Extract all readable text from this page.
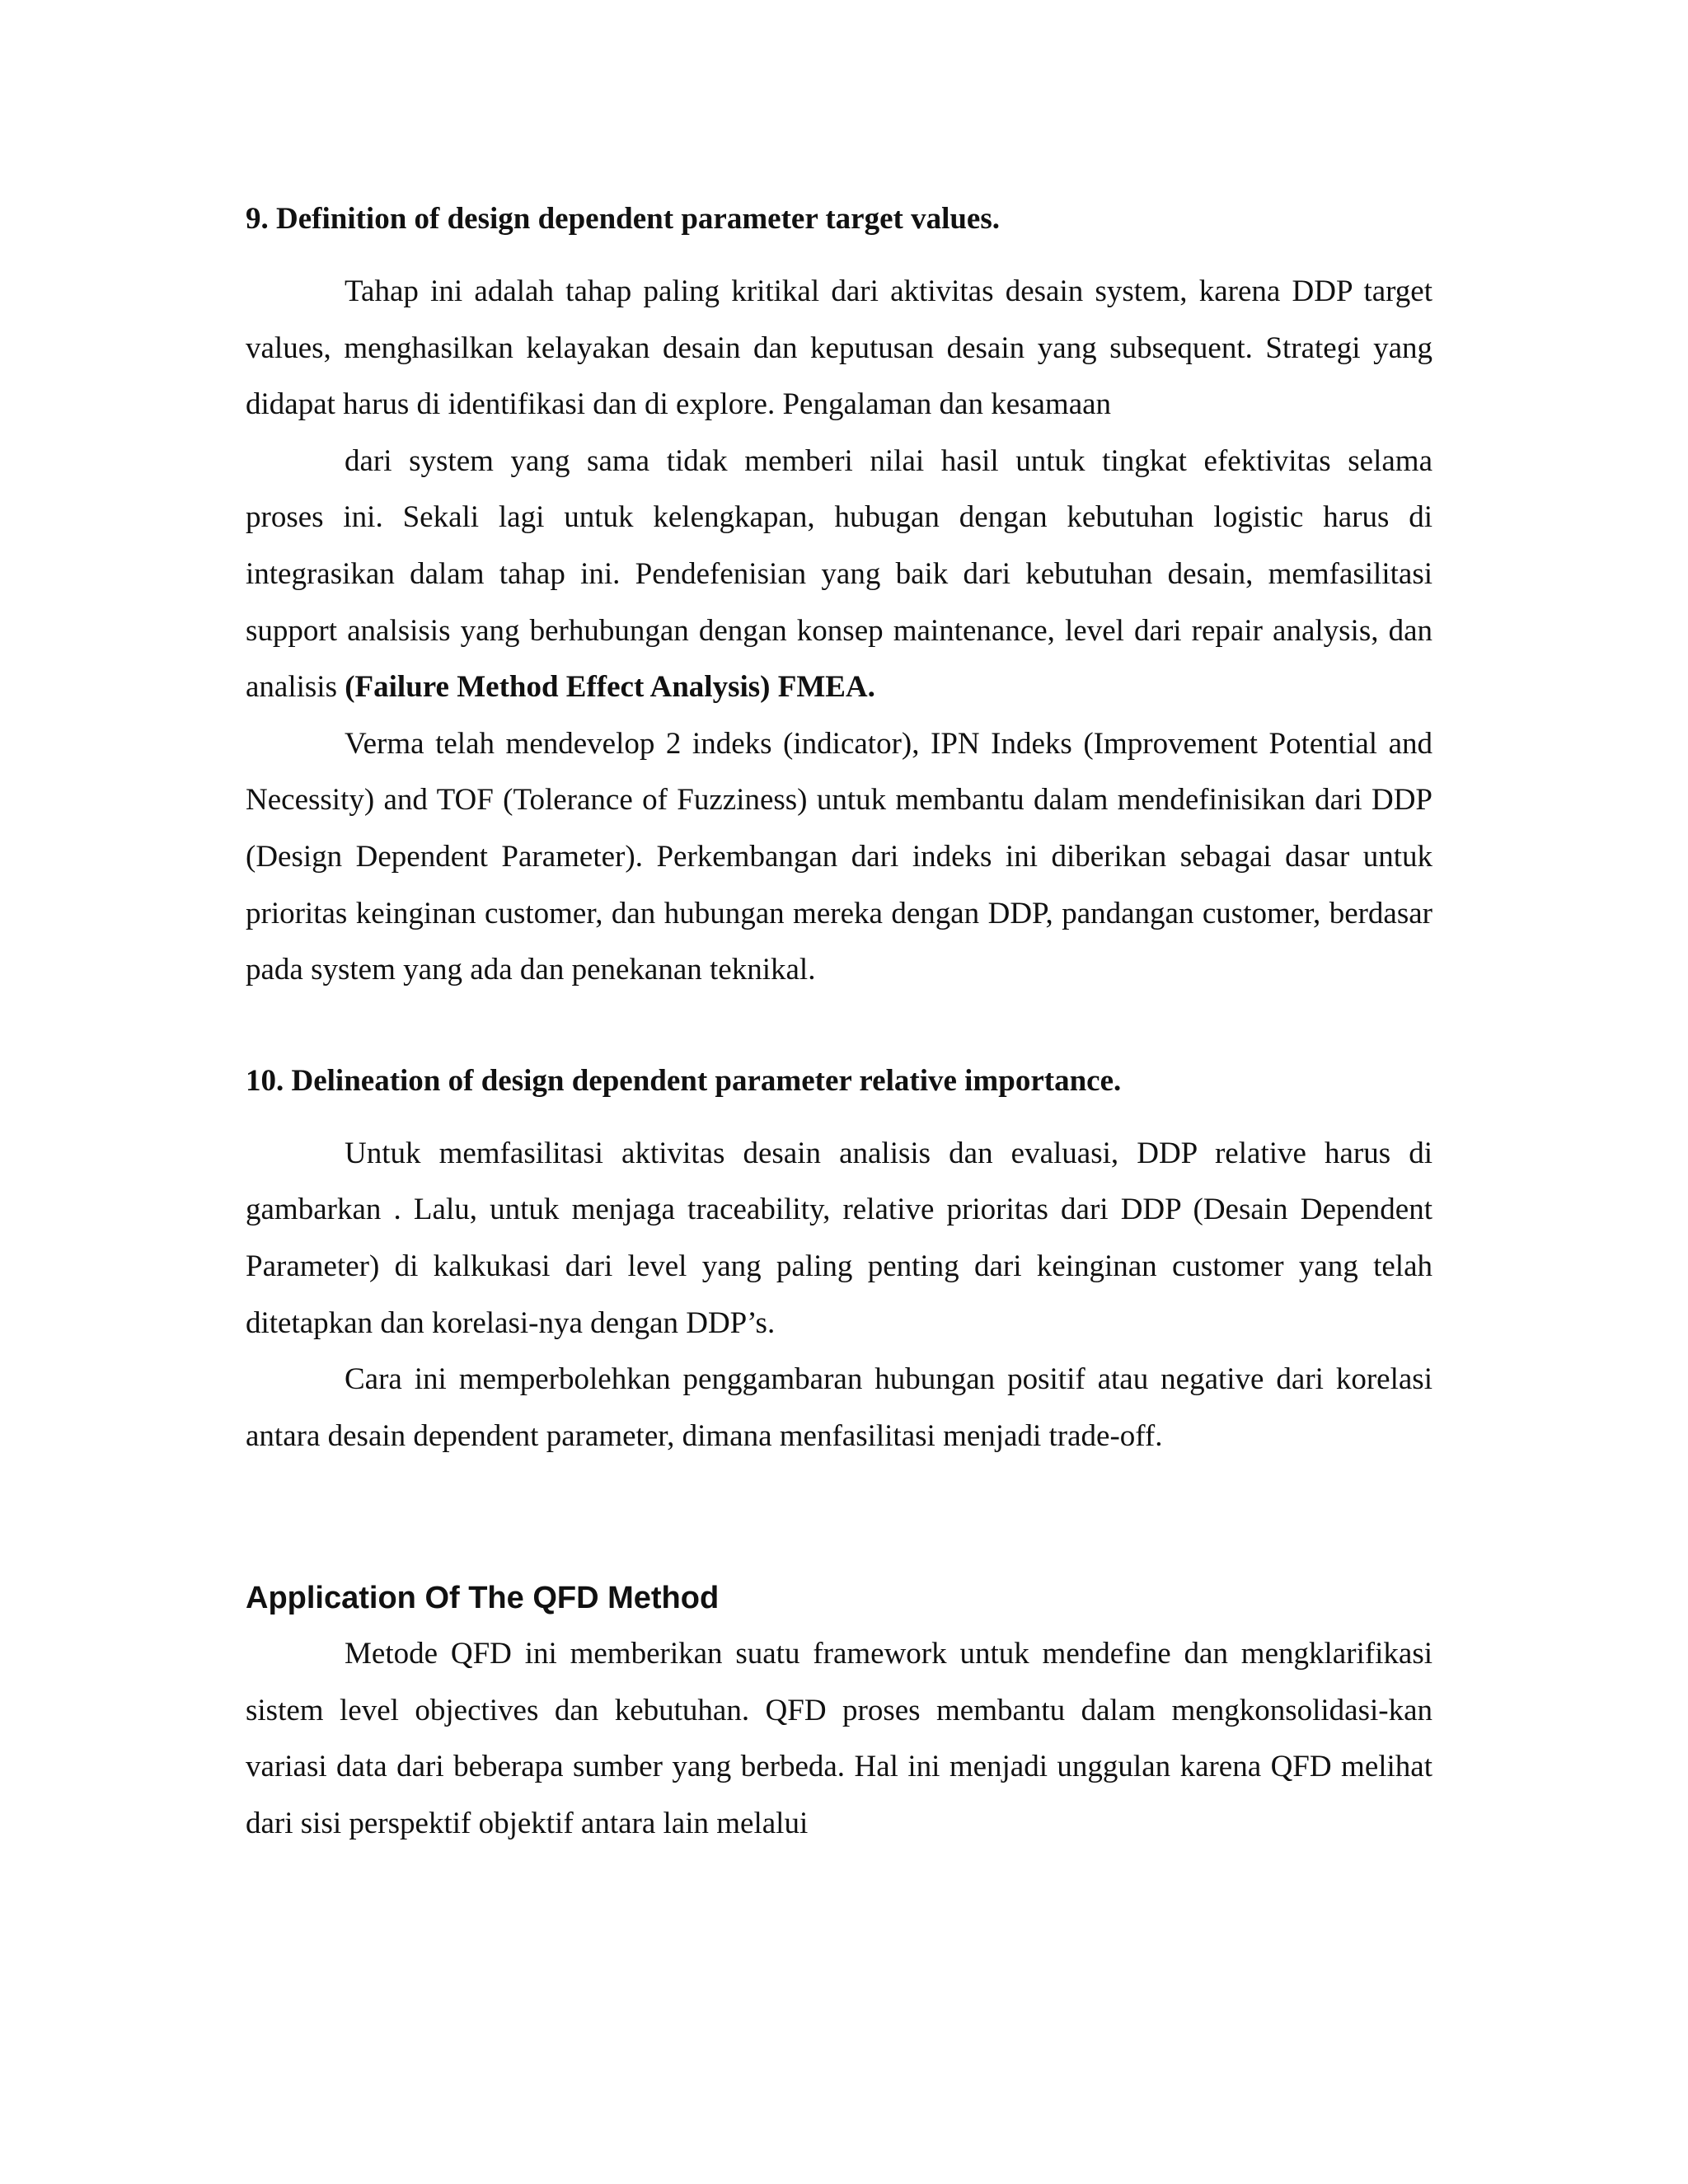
9. Definition of design dependent parameter target values.

Tahap ini adalah tahap paling kritikal dari aktivitas desain system, karena DDP target values, menghasilkan kelayakan desain dan keputusan desain yang subsequent. Strategi yang didapat harus di identifikasi dan di explore. Pengalaman dan kesamaan

dari system yang sama tidak memberi nilai hasil untuk tingkat efektivitas selama

proses ini. Sekali lagi untuk kelengkapan, hubugan dengan kebutuhan logistic harus di integrasikan dalam tahap ini. Pendefenisian yang baik dari kebutuhan desain, memfasilitasi support analsisis yang berhubungan dengan konsep maintenance, level dari repair analysis, dan analisis (Failure Method Effect Analysis) FMEA.

Verma telah mendevelop 2 indeks (indicator), IPN Indeks (Improvement Potential and Necessity) and TOF (Tolerance of Fuzziness) untuk membantu dalam mendefinisikan dari DDP (Design Dependent Parameter). Perkembangan dari indeks ini diberikan sebagai dasar untuk prioritas keinginan customer, dan hubungan mereka dengan DDP, pandangan customer, berdasar pada system yang ada dan penekanan teknikal.

10. Delineation of design dependent parameter relative importance.

Untuk memfasilitasi aktivitas desain analisis dan evaluasi, DDP relative harus di gambarkan . Lalu, untuk menjaga traceability, relative prioritas dari DDP (Desain Dependent Parameter) di kalkukasi dari level yang paling penting dari keinginan customer yang telah ditetapkan dan korelasi-nya dengan DDP’s.

Cara ini memperbolehkan penggambaran hubungan positif atau negative dari korelasi antara desain dependent parameter, dimana menfasilitasi menjadi trade-off.

Application Of The QFD Method

Metode QFD ini memberikan suatu framework untuk mendefine dan mengklarifikasi sistem level objectives dan kebutuhan. QFD proses membantu dalam mengkonsolidasi-kan variasi data dari beberapa sumber yang berbeda. Hal ini menjadi unggulan karena QFD melihat dari sisi perspektif objektif antara lain melalui
